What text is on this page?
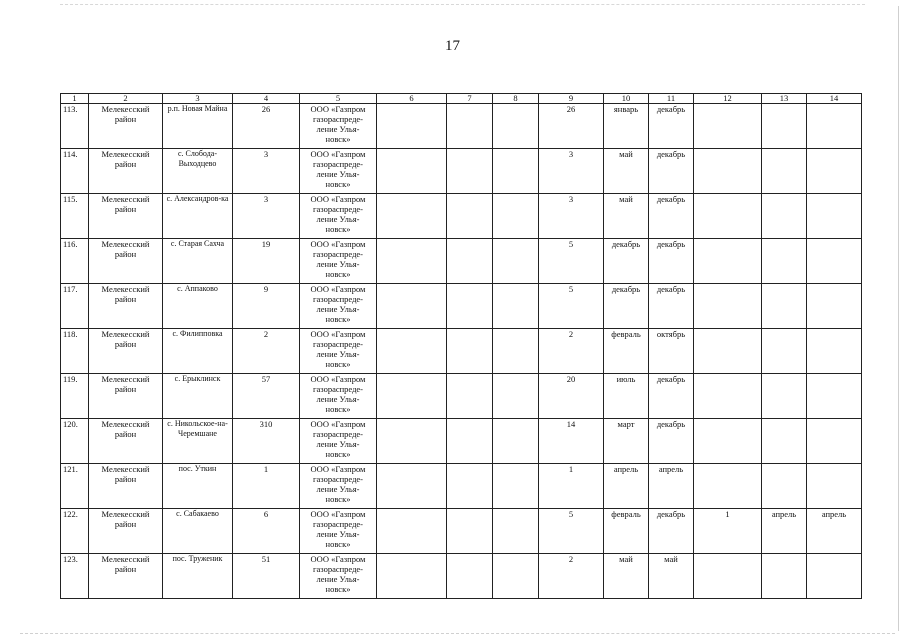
17
1	2	3	4	5	6	7	8	9	10	11	12	13	14
113.	Мелекесский район	р.п. Новая Майна	26	ООО «Газпром газораспреде-ление Улья-новск»				26	январь	декабрь			
114.	Мелекесский район	с. Слобода-Выходцево	3	ООО «Газпром газораспреде-ление Улья-новск»				3	май	декабрь			
115.	Мелекесский район	с. Александров-ка	3	ООО «Газпром газораспреде-ление Улья-новск»				3	май	декабрь			
116.	Мелекесский район	с. Старая Сахча	19	ООО «Газпром газораспреде-ление Улья-новск»				5	декабрь	декабрь			
117.	Мелекесский район	с. Аппаково	9	ООО «Газпром газораспреде-ление Улья-новск»				5	декабрь	декабрь			
118.	Мелекесский район	с. Филипповка	2	ООО «Газпром газораспреде-ление Улья-новск»				2	февраль	октябрь			
119.	Мелекесский район	с. Ерыклинск	57	ООО «Газпром газораспреде-ление Улья-новск»				20	июль	декабрь			
120.	Мелекесский район	с. Никольское-на-Черемшане	310	ООО «Газпром газораспреде-ление Улья-новск»				14	март	декабрь			
121.	Мелекесский район	пос. Уткин	1	ООО «Газпром газораспреде-ление Улья-новск»				1	апрель	апрель			
122.	Мелекесский район	с. Сабакаево	6	ООО «Газпром газораспреде-ление Улья-новск»				5	февраль	декабрь	1	апрель	апрель
123.	Мелекесский район	пос. Труженик	51	ООО «Газпром газораспреде-ление Улья-новск»				2	май	май			
